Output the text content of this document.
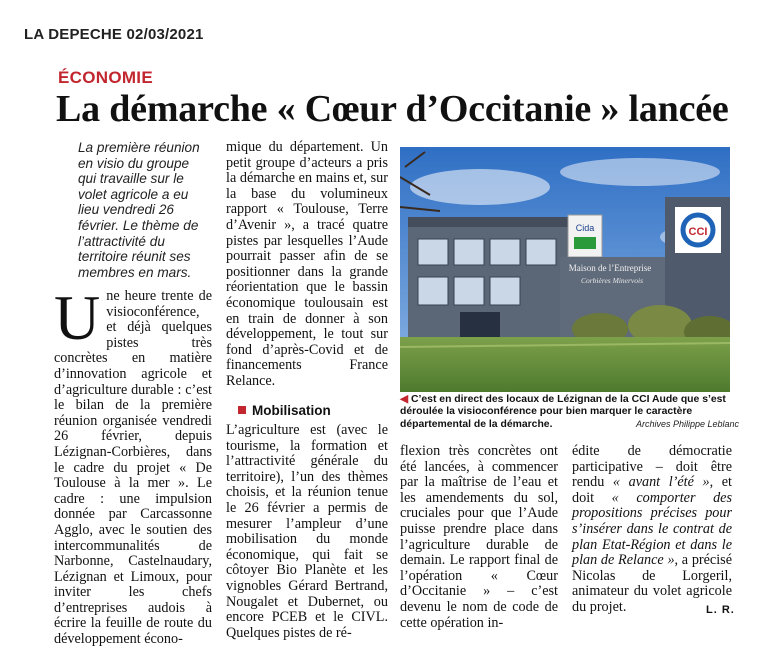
LA DEPECHE 02/03/2021
ÉCONOMIE
La démarche « Cœur d’Occitanie » lancée

La première réunion en visio du groupe qui travaille sur le volet agricole a eu lieu vendredi 26 février. Le thème de l’attractivité du territoire réunit ses membres en mars.

U ne heure trente de visioconférence, et déjà quelques pistes très concrètes en matière d’innovation agricole et d’agriculture durable : c’est le bilan de la première réunion organisée vendredi 26 février, depuis Lézignan-Corbières, dans le cadre du projet « De Toulouse à la mer ». Le cadre : une impulsion donnée par Carcassonne Agglo, avec le soutien des intercommunalités de Narbonne, Castelnaudary, Lézignan et Limoux, pour inviter les chefs d’entreprises audois à écrire la feuille de route du développement écono-

mique du département. Un petit groupe d’acteurs a pris la démarche en mains et, sur la base du volumineux rapport « Toulouse, Terre d’Avenir », a tracé quatre pistes par lesquelles l’Aude pourrait passer afin de se positionner dans la grande réorientation que le bassin économique toulousain est en train de donner à son développement, le tout sur fond d’après-Covid et de financements France Relance.

Mobilisation

L’agriculture est (avec le tourisme, la formation et l’attractivité générale du territoire), l’un des thèmes choisis, et la réunion tenue le 26 février a permis de mesurer l’ampleur d’une mobilisation du monde économique, qui fait se côtoyer Bio Planète et les vignobles Gérard Bertrand, Nougalet et Dubernet, ou encore PCEB et le CIVL. Quelques pistes de ré-

Cida	CCI
Maison de l’Entreprise
Corbières Minervois

◀ C’est en direct des locaux de Lézignan de la CCI Aude que s’est déroulée la visioconférence pour bien marquer le caractère départemental de la démarche.	Archives Philippe Leblanc

flexion très concrètes ont été lancées, à commencer par la maîtrise de l’eau et les amendements du sol, cruciales pour que l’Aude puisse prendre place dans l’agriculture durable de demain. Le rapport final de l’opération « Cœur d’Occitanie » – c’est devenu le nom de code de cette opération in-

édite de démocratie participative – doit être rendu « avant l’été », et doit « comporter des propositions précises pour s’insérer dans le contrat de plan Etat-Région et dans le plan de Relance », a précisé Nicolas de Lorgeril, animateur du volet agricole du projet.	L. R.
